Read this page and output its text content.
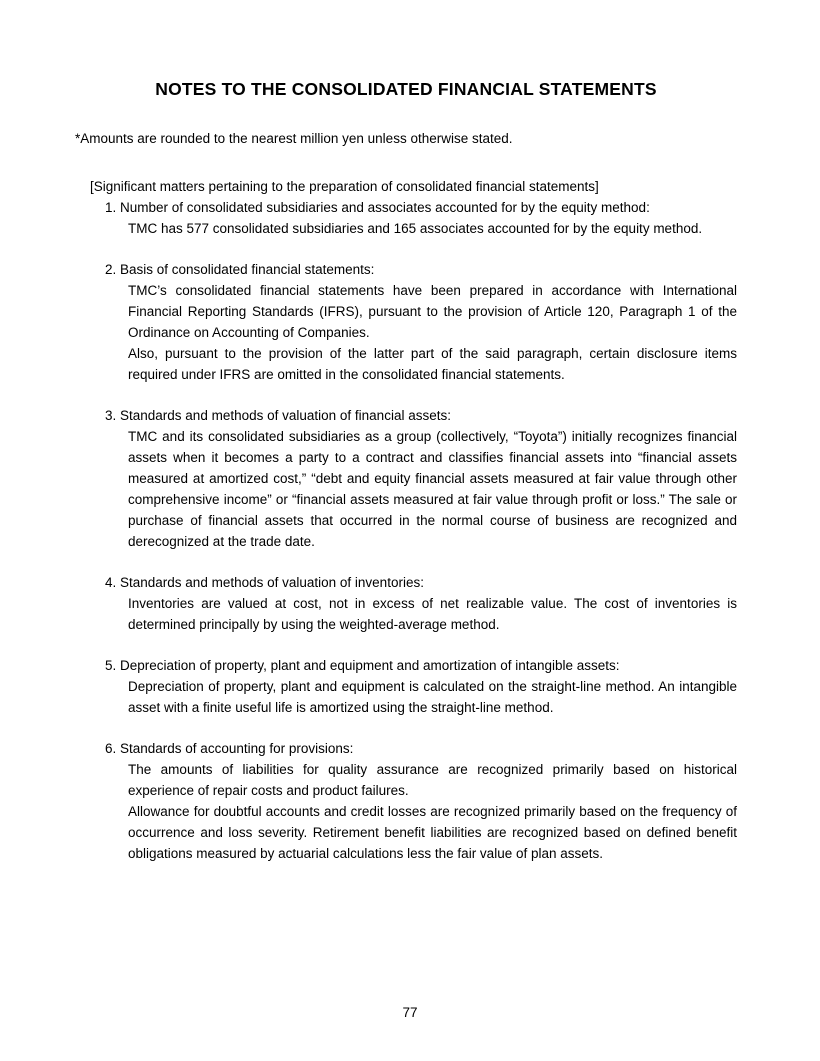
NOTES TO THE CONSOLIDATED FINANCIAL STATEMENTS

*Amounts are rounded to the nearest million yen unless otherwise stated.

[Significant matters pertaining to the preparation of consolidated financial statements]

1. Number of consolidated subsidiaries and associates accounted for by the equity method:

TMC has 577 consolidated subsidiaries and 165 associates accounted for by the equity method.

2. Basis of consolidated financial statements:

TMC’s consolidated financial statements have been prepared in accordance with International Financial Reporting Standards (IFRS), pursuant to the provision of Article 120, Paragraph 1 of the Ordinance on Accounting of Companies.

Also, pursuant to the provision of the latter part of the said paragraph, certain disclosure items required under IFRS are omitted in the consolidated financial statements.

3. Standards and methods of valuation of financial assets:

TMC and its consolidated subsidiaries as a group (collectively, “Toyota”) initially recognizes financial assets when it becomes a party to a contract and classifies financial assets into “financial assets measured at amortized cost,” “debt and equity financial assets measured at fair value through other comprehensive income” or “financial assets measured at fair value through profit or loss.” The sale or purchase of financial assets that occurred in the normal course of business are recognized and derecognized at the trade date.

4. Standards and methods of valuation of inventories:

Inventories are valued at cost, not in excess of net realizable value. The cost of inventories is determined principally by using the weighted-average method.

5. Depreciation of property, plant and equipment and amortization of intangible assets:

Depreciation of property, plant and equipment is calculated on the straight-line method. An intangible asset with a finite useful life is amortized using the straight-line method.

6. Standards of accounting for provisions:

The amounts of liabilities for quality assurance are recognized primarily based on historical experience of repair costs and product failures.

Allowance for doubtful accounts and credit losses are recognized primarily based on the frequency of occurrence and loss severity. Retirement benefit liabilities are recognized based on defined benefit obligations measured by actuarial calculations less the fair value of plan assets.

77
